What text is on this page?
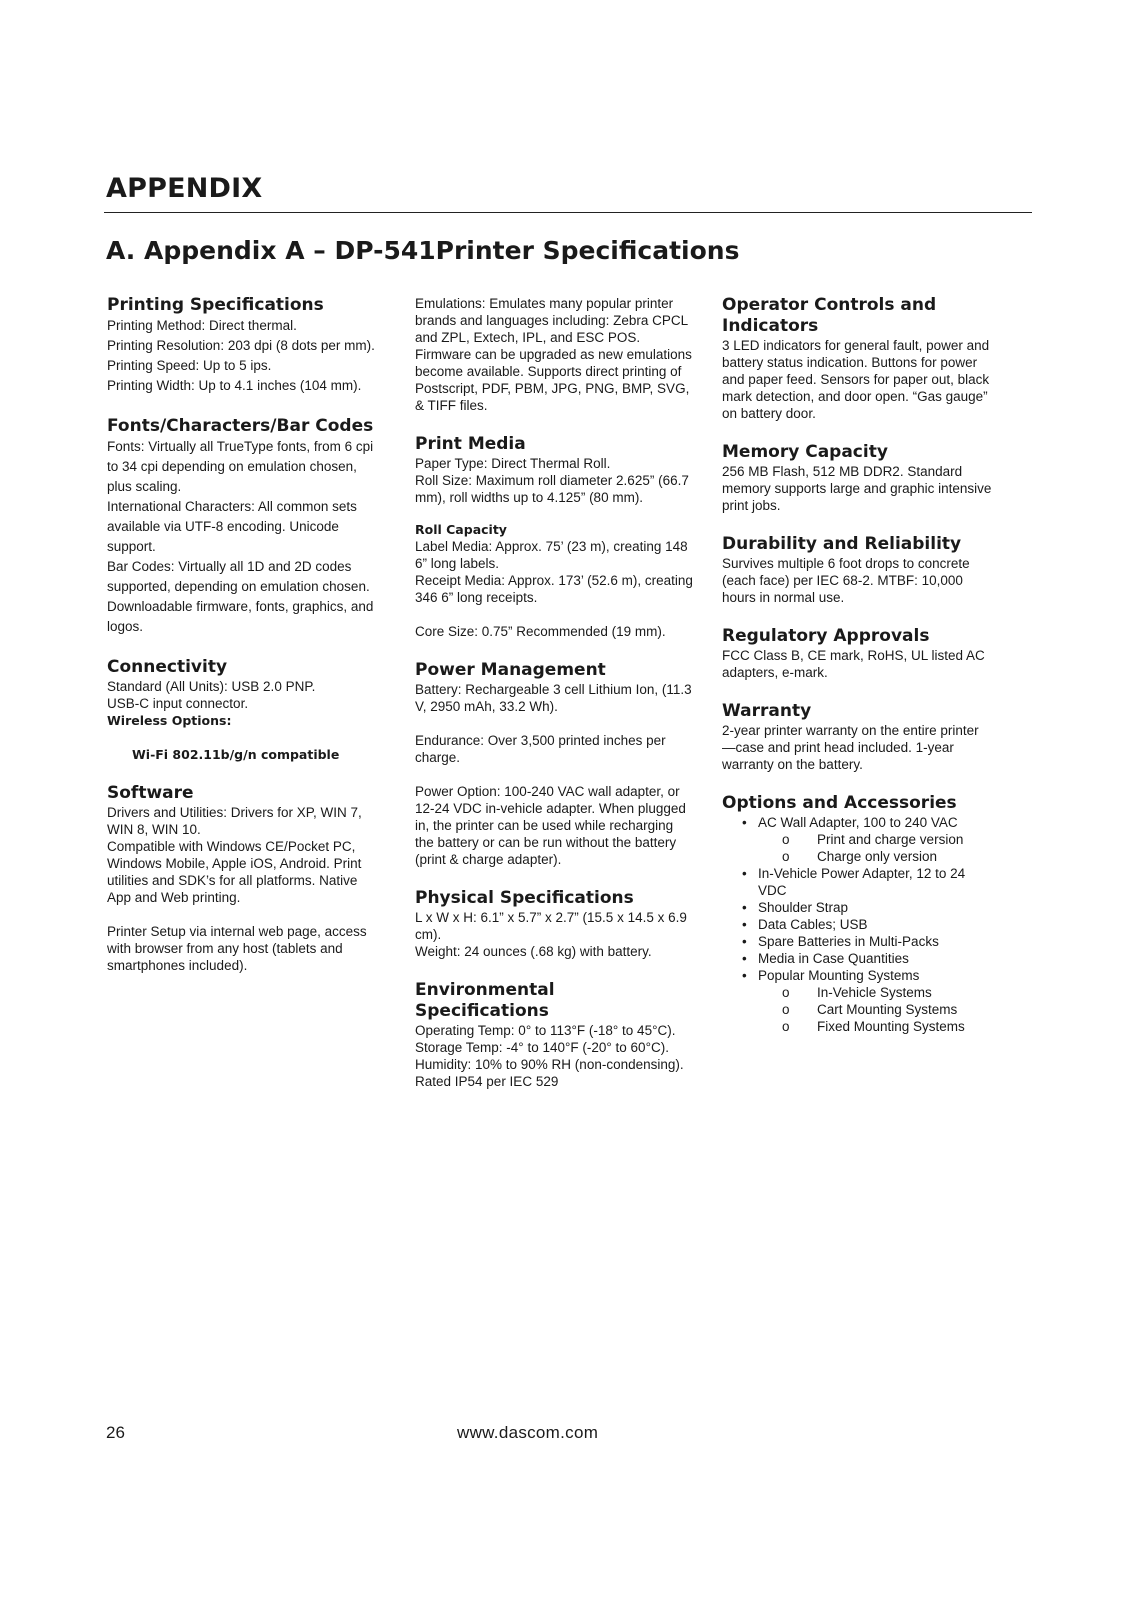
APPENDIX
A. Appendix A – DP-541Printer Specifications
Printing Specifications

Printing Method: Direct thermal.

Printing Resolution: 203 dpi (8 dots per mm).

Printing Speed: Up to 5 ips.

Printing Width: Up to 4.1 inches (104 mm).

Fonts/Characters/Bar Codes

Fonts: Virtually all TrueType fonts, from 6 cpi to 34 cpi depending on emulation chosen, plus scaling.

International Characters: All common sets available via UTF-8 encoding. Unicode support.

Bar Codes: Virtually all 1D and 2D codes supported, depending on emulation chosen.

Downloadable firmware, fonts, graphics, and logos.

Connectivity

Standard (All Units): USB 2.0 PNP.

USB-C input connector.

Wireless Options:

Wi-Fi 802.11b/g/n compatible

Software

Drivers and Utilities: Drivers for XP, WIN 7, WIN 8, WIN 10.

Compatible with Windows CE/Pocket PC, Windows Mobile, Apple iOS, Android. Print utilities and SDK’s for all platforms. Native App and Web printing.

Printer Setup via internal web page, access with browser from any host (tablets and smartphones included).

Emulations: Emulates many popular printer brands and languages including: Zebra CPCL and ZPL, Extech, IPL, and ESC POS. Firmware can be upgraded as new emulations become available. Supports direct printing of Postscript, PDF, PBM, JPG, PNG, BMP, SVG, & TIFF files.

Print Media

Paper Type: Direct Thermal Roll.

Roll Size: Maximum roll diameter 2.625” (66.7 mm), roll widths up to 4.125” (80 mm).

Roll Capacity

Label Media: Approx. 75’ (23 m), creating 148 6” long labels.

Receipt Media: Approx. 173’ (52.6 m), creating 346 6” long receipts.

Core Size: 0.75” Recommended (19 mm).

Power Management

Battery: Rechargeable 3 cell Lithium Ion, (11.3 V, 2950 mAh, 33.2 Wh).

Endurance: Over 3,500 printed inches per charge.

Power Option: 100-240 VAC wall adapter, or 12-24 VDC in-vehicle adapter. When plugged in, the printer can be used while recharging the battery or can be run without the battery (print & charge adapter).

Physical Specifications

L x W x H: 6.1” x 5.7” x 2.7” (15.5 x 14.5 x 6.9 cm).

Weight: 24 ounces (.68 kg) with battery.

Environmental Specifications

Operating Temp: 0° to 113°F (-18° to 45°C).

Storage Temp: -4° to 140°F (-20° to 60°C).

Humidity: 10% to 90% RH (non-condensing).

Rated IP54 per IEC 529

Operator Controls and Indicators

3 LED indicators for general fault, power and battery status indication. Buttons for power and paper feed. Sensors for paper out, black mark detection, and door open. “Gas gauge” on battery door.

Memory Capacity

256 MB Flash, 512 MB DDR2. Standard memory supports large and graphic intensive print jobs.

Durability and Reliability

Survives multiple 6 foot drops to concrete (each face) per IEC 68-2. MTBF: 10,000 hours in normal use.

Regulatory Approvals

FCC Class B, CE mark, RoHS, UL listed AC adapters, e-mark.

Warranty

2-year printer warranty on the entire printer—case and print head included. 1-year warranty on the battery.

Options and Accessories
• AC Wall Adapter, 100 to 240 VAC
o Print and charge version
o Charge only version
• In-Vehicle Power Adapter, 12 to 24 VDC
• Shoulder Strap
• Data Cables; USB
• Spare Batteries in Multi-Packs
• Media in Case Quantities
• Popular Mounting Systems
o In-Vehicle Systems
o Cart Mounting Systems
o Fixed Mounting Systems
26	www.dascom.com
